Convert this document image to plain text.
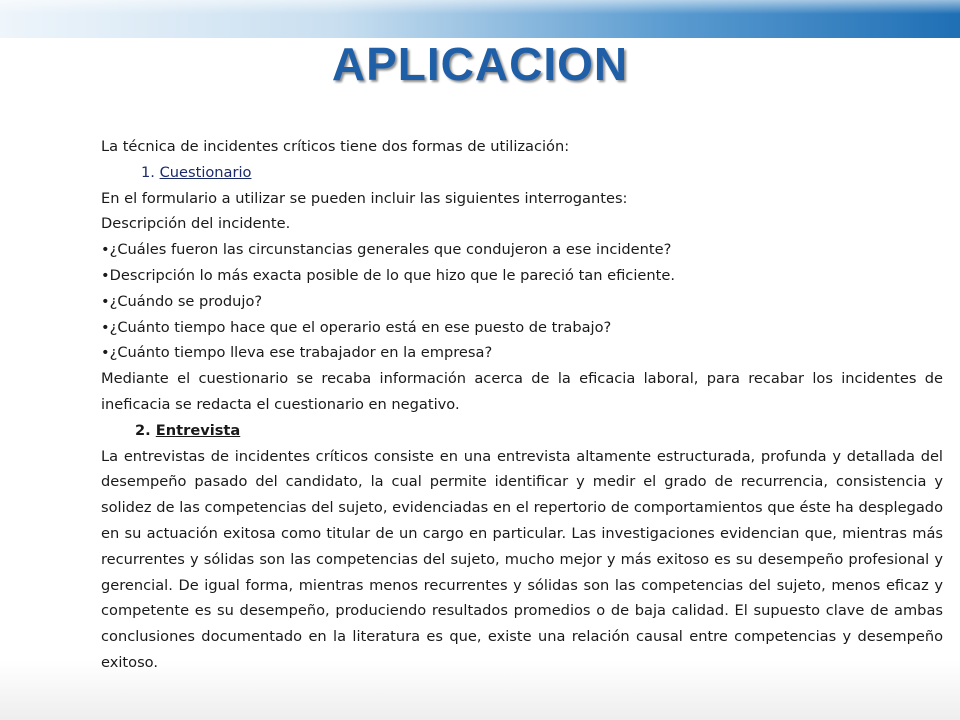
APLICACION

La técnica de incidentes críticos tiene dos formas de utilización:

1. Cuestionario

En el formulario a utilizar se pueden incluir las siguientes interrogantes:

Descripción del incidente.

•¿Cuáles fueron las circunstancias generales que condujeron a ese incidente?

•Descripción lo más exacta posible de lo que hizo que le pareció tan eficiente.

•¿Cuándo se produjo?

•¿Cuánto tiempo hace que el operario está en ese puesto de trabajo?

•¿Cuánto tiempo lleva ese trabajador en la empresa?

Mediante el cuestionario se recaba información acerca de la eficacia laboral, para recabar los incidentes de ineficacia se redacta el cuestionario en negativo.

2. Entrevista

La entrevistas de incidentes críticos consiste en una entrevista altamente estructurada, profunda y detallada del desempeño pasado del candidato, la cual permite identificar y medir el grado de recurrencia, consistencia y solidez de las competencias del sujeto, evidenciadas en el repertorio de comportamientos que éste ha desplegado en su actuación exitosa como titular de un cargo en particular. Las investigaciones evidencian que, mientras más recurrentes y sólidas son las competencias del sujeto, mucho mejor y más exitoso es su desempeño profesional y gerencial. De igual forma, mientras menos recurrentes y sólidas son las competencias del sujeto, menos eficaz y competente es su desempeño, produciendo resultados promedios o de baja calidad. El supuesto clave de ambas conclusiones documentado en la literatura es que, existe una relación causal entre competencias y desempeño exitoso.
